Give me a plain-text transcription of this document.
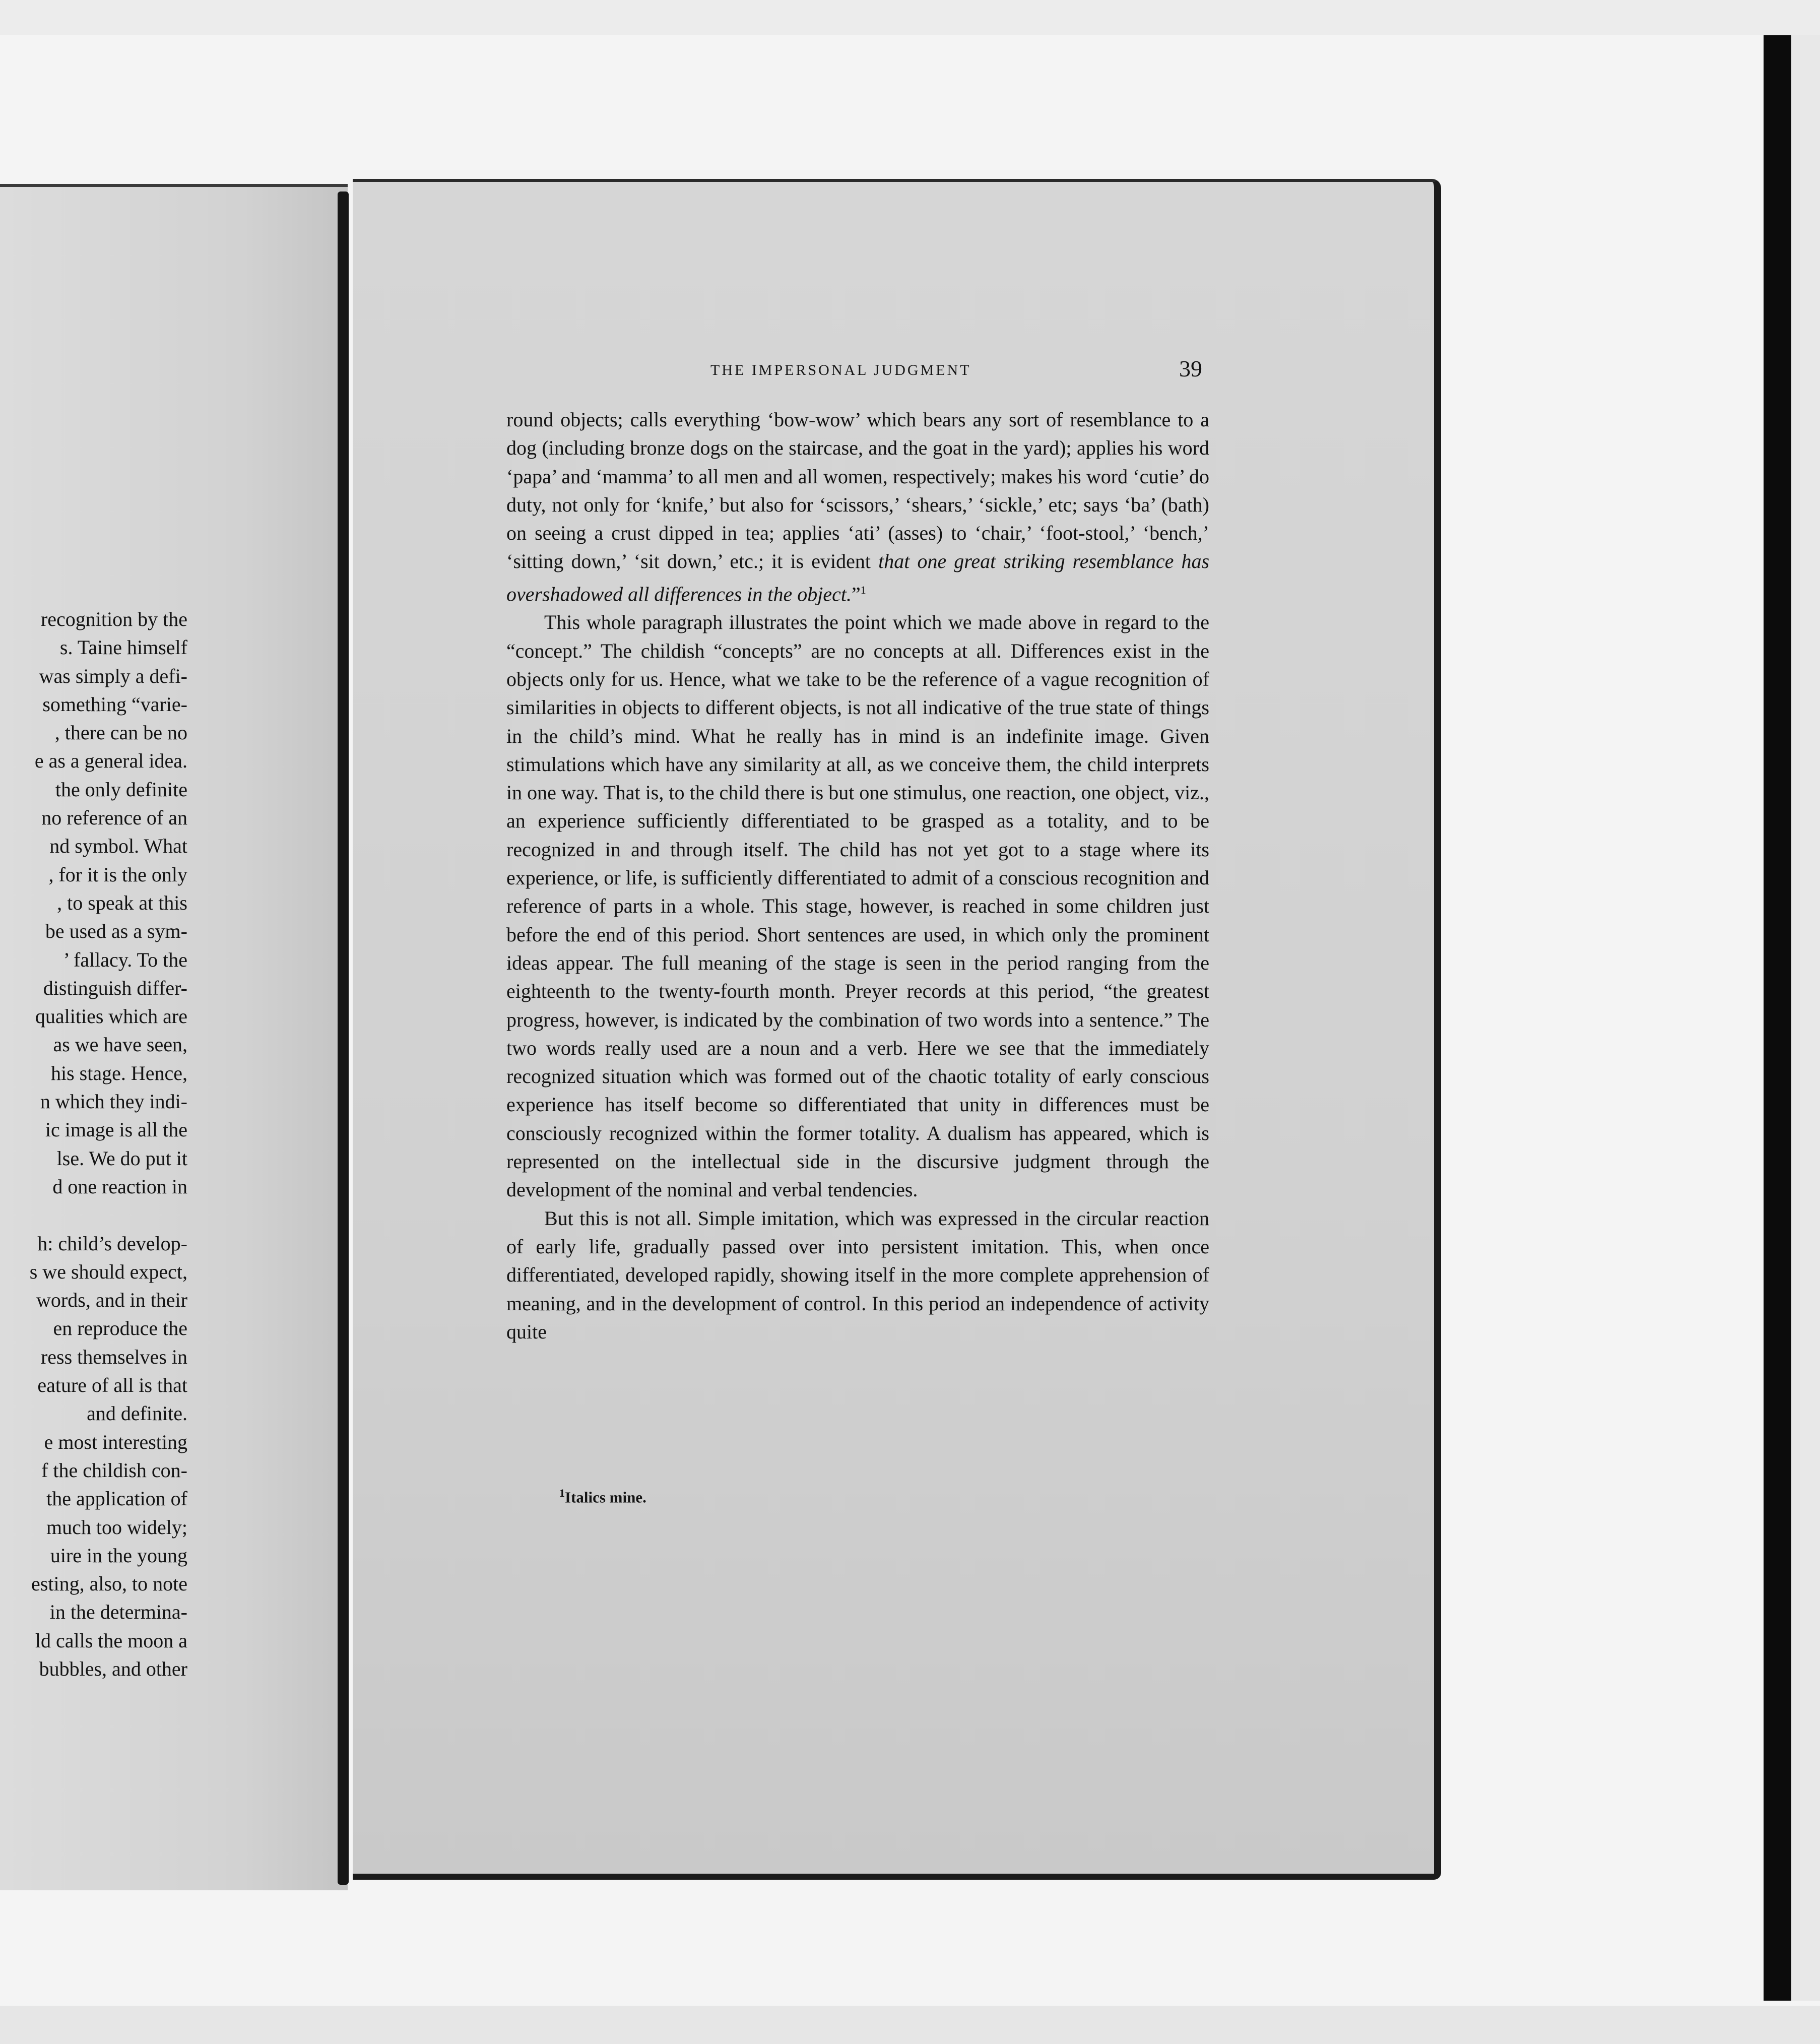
recognition by the
s. Taine himself
was simply a defi-
something “varie-
, there can be no
e as a general idea.
the only definite
no reference of an
nd symbol. What
, for it is the only
, to speak at this
be used as a sym-
’ fallacy. To the
distinguish differ-
qualities which are
as we have seen,
his stage. Hence,
n which they indi-
ic image is all the
lse. We do put it
d one reaction in

h: child’s develop-
s we should expect,
words, and in their
en reproduce the
ress themselves in
eature of all is that
and definite.
e most interesting
f the childish con-
the application of
much too widely;
uire in the young
esting, also, to note
in the determina-
ld calls the moon a
bubbles, and other
THE IMPERSONAL JUDGMENT	39

round objects; calls everything ‘bow-wow’ which bears any sort of resemblance to a dog (including bronze dogs on the staircase, and the goat in the yard); applies his word ‘papa’ and ‘mamma’ to all men and all women, respectively; makes his word ‘cutie’ do duty, not only for ‘knife,’ but also for ‘scissors,’ ‘shears,’ ‘sickle,’ etc; says ‘ba’ (bath) on seeing a crust dipped in tea; applies ‘ati’ (asses) to ‘chair,’ ‘foot-stool,’ ‘bench,’ ‘sitting down,’ ‘sit down,’ etc.; it is evident that one great striking resemblance has overshadowed all differences in the object.”$^1$

This whole paragraph illustrates the point which we made above in regard to the “concept.” The childish “concepts” are no concepts at all. Differences exist in the objects only for us. Hence, what we take to be the reference of a vague recognition of similarities in objects to different objects, is not all indicative of the true state of things in the child’s mind. What he really has in mind is an indefinite image. Given stimulations which have any similarity at all, as we conceive them, the child interprets in one way. That is, to the child there is but one stimulus, one reaction, one object, viz., an experience sufficiently differentiated to be grasped as a totality, and to be recognized in and through itself. The child has not yet got to a stage where its experience, or life, is sufficiently differentiated to admit of a conscious recognition and reference of parts in a whole. This stage, however, is reached in some children just before the end of this period. Short sentences are used, in which only the prominent ideas appear. The full meaning of the stage is seen in the period ranging from the eighteenth to the twenty-fourth month. Preyer records at this period, “the greatest progress, however, is indicated by the combination of two words into a sentence.” The two words really used are a noun and a verb. Here we see that the immediately recognized situation which was formed out of the chaotic totality of early conscious experience has itself become so differentiated that unity in differences must be consciously recognized within the former totality. A dualism has appeared, which is represented on the intellectual side in the discursive judgment through the development of the nominal and verbal tendencies.

But this is not all. Simple imitation, which was expressed in the circular reaction of early life, gradually passed over into persistent imitation. This, when once differentiated, developed rapidly, showing itself in the more complete apprehension of meaning, and in the development of control. In this period an independence of activity quite

$^1$Italics mine.
